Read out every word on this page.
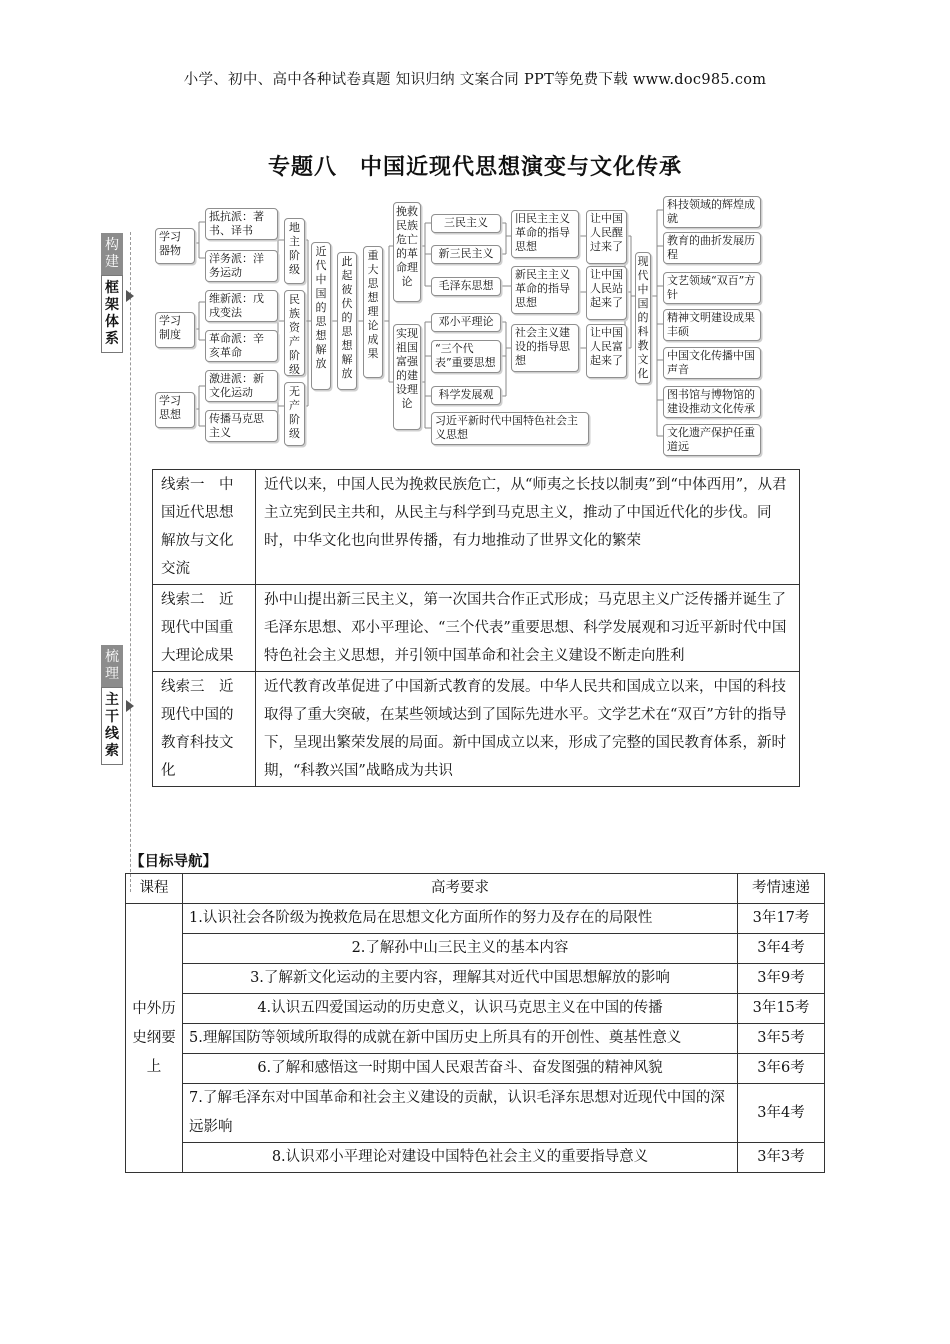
小学、初中、高中各种试卷真题 知识归纳 文案合同 PPT等免费下载 www.doc985.com
专题八　中国近现代思想演变与文化传承
构建
框架体系
梳理
主干线索
学习器物
学习制度
学习思想
抵抗派：著书、译书
洋务派：洋务运动
维新派：戊戌变法
革命派：辛亥革命
激进派：新文化运动
传播马克思主义
地主阶级
民族资产阶级
无产阶级
近代中国的思想解放
此起彼伏的思想解放
重大思想理论成果
挽救民族危亡的革命理论
实现祖国富强的建设理论
三民主义
新三民主义
毛泽东思想
邓小平理论
“三个代表”重要思想
科学发展观
习近平新时代中国特色社会主义思想
旧民主主义革命的指导思想
新民主主义革命的指导思想
社会主义建设的指导思想
让中国人民醒过来了
让中国人民站起来了
让中国人民富起来了
现代中国的科教文化
科技领域的辉煌成就
教育的曲折发展历程
文艺领域“双百”方针
精神文明建设成果丰硕
中国文化传播中国声音
图书馆与博物馆的建设推动文化传承
文化遗产保护任重道远
线索一　中国近代思想解放与文化交流	近代以来，中国人民为挽救民族危亡，从“师夷之长技以制夷”到“中体西用”，从君主立宪到民主共和，从民主与科学到马克思主义，推动了中国近代化的步伐。同时，中华文化也向世界传播，有力地推动了世界文化的繁荣
线索二　近现代中国重大理论成果	孙中山提出新三民主义，第一次国共合作正式形成；马克思主义广泛传播并诞生了毛泽东思想、邓小平理论、“三个代表”重要思想、科学发展观和习近平新时代中国特色社会主义思想，并引领中国革命和社会主义建设不断走向胜利
线索三　近现代中国的教育科技文化	近代教育改革促进了中国新式教育的发展。中华人民共和国成立以来，中国的科技取得了重大突破，在某些领域达到了国际先进水平。文学艺术在“双百”方针的指导下，呈现出繁荣发展的局面。新中国成立以来，形成了完整的国民教育体系，新时期，“科教兴国”战略成为共识
【目标导航】
课程	高考要求	考情速递
中外历史纲要上	1.认识社会各阶级为挽救危局在思想文化方面所作的努力及存在的局限性	3年17考
	2.了解孙中山三民主义的基本内容	3年4考
	3.了解新文化运动的主要内容，理解其对近代中国思想解放的影响	3年9考
	4.认识五四爱国运动的历史意义，认识马克思主义在中国的传播	3年15考
	5.理解国防等领域所取得的成就在新中国历史上所具有的开创性、奠基性意义	3年5考
	6.了解和感悟这一时期中国人民艰苦奋斗、奋发图强的精神风貌	3年6考
	7.了解毛泽东对中国革命和社会主义建设的贡献，认识毛泽东思想对近现代中国的深远影响	3年4考
	8.认识邓小平理论对建设中国特色社会主义的重要指导意义	3年3考
